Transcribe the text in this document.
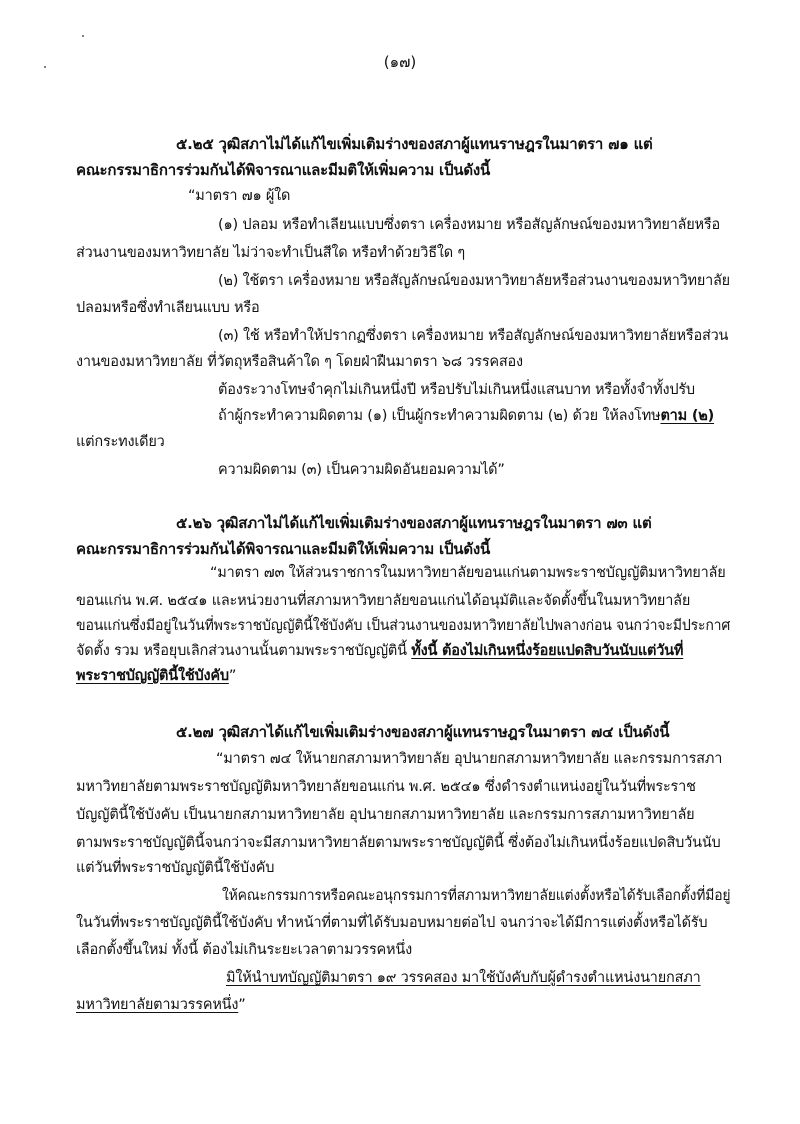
(๑๗)
๕.๒๕ วุฒิสภาไม่ได้แก้ไขเพิ่มเติมร่างของสภาผู้แทนราษฎรในมาตรา ๗๑ แต่
คณะกรรมาธิการร่วมกันได้พิจารณาและมีมติให้เพิ่มความ เป็นดังนี้
“มาตรา ๗๑ ผู้ใด
(๑) ปลอม หรือทำเลียนแบบซึ่งตรา เครื่องหมาย หรือสัญลักษณ์ของมหาวิทยาลัยหรือ
ส่วนงานของมหาวิทยาลัย ไม่ว่าจะทำเป็นสีใด หรือทำด้วยวิธีใด ๆ
(๒) ใช้ตรา เครื่องหมาย หรือสัญลักษณ์ของมหาวิทยาลัยหรือส่วนงานของมหาวิทยาลัย
ปลอมหรือซึ่งทำเลียนแบบ หรือ
(๓) ใช้ หรือทำให้ปรากฏซึ่งตรา เครื่องหมาย หรือสัญลักษณ์ของมหาวิทยาลัยหรือส่วน
งานของมหาวิทยาลัย ที่วัตถุหรือสินค้าใด ๆ โดยฝ่าฝืนมาตรา ๖๘ วรรคสอง
ต้องระวางโทษจำคุกไม่เกินหนึ่งปี หรือปรับไม่เกินหนึ่งแสนบาท หรือทั้งจำทั้งปรับ
ถ้าผู้กระทำความผิดตาม (๑) เป็นผู้กระทำความผิดตาม (๒) ด้วย ให้ลงโทษตาม (๒)
แต่กระทงเดียว
ความผิดตาม (๓) เป็นความผิดอันยอมความได้”
๕.๒๖ วุฒิสภาไม่ได้แก้ไขเพิ่มเติมร่างของสภาผู้แทนราษฎรในมาตรา ๗๓ แต่
คณะกรรมาธิการร่วมกันได้พิจารณาและมีมติให้เพิ่มความ เป็นดังนี้
“มาตรา ๗๓ ให้ส่วนราชการในมหาวิทยาลัยขอนแก่นตามพระราชบัญญัติมหาวิทยาลัย
ขอนแก่น พ.ศ. ๒๕๔๑ และหน่วยงานที่สภามหาวิทยาลัยขอนแก่นได้อนุมัติและจัดตั้งขึ้นในมหาวิทยาลัย
ขอนแก่นซึ่งมีอยู่ในวันที่พระราชบัญญัตินี้ใช้บังคับ เป็นส่วนงานของมหาวิทยาลัยไปพลางก่อน จนกว่าจะมีประกาศ
จัดตั้ง รวม หรือยุบเลิกส่วนงานนั้นตามพระราชบัญญัตินี้ ทั้งนี้ ต้องไม่เกินหนึ่งร้อยแปดสิบวันนับแต่วันที่
พระราชบัญญัตินี้ใช้บังคับ”
๕.๒๗ วุฒิสภาได้แก้ไขเพิ่มเติมร่างของสภาผู้แทนราษฎรในมาตรา ๗๔ เป็นดังนี้
“มาตรา ๗๔ ให้นายกสภามหาวิทยาลัย อุปนายกสภามหาวิทยาลัย และกรรมการสภา
มหาวิทยาลัยตามพระราชบัญญัติมหาวิทยาลัยขอนแก่น พ.ศ. ๒๕๔๑ ซึ่งดำรงตำแหน่งอยู่ในวันที่พระราช
บัญญัตินี้ใช้บังคับ เป็นนายกสภามหาวิทยาลัย อุปนายกสภามหาวิทยาลัย และกรรมการสภามหาวิทยาลัย
ตามพระราชบัญญัตินี้จนกว่าจะมีสภามหาวิทยาลัยตามพระราชบัญญัตินี้ ซึ่งต้องไม่เกินหนึ่งร้อยแปดสิบวันนับ
แต่วันที่พระราชบัญญัตินี้ใช้บังคับ
ให้คณะกรรมการหรือคณะอนุกรรมการที่สภามหาวิทยาลัยแต่งตั้งหรือได้รับเลือกตั้งที่มีอยู่
ในวันที่พระราชบัญญัตินี้ใช้บังคับ ทำหน้าที่ตามที่ได้รับมอบหมายต่อไป จนกว่าจะได้มีการแต่งตั้งหรือได้รับ
เลือกตั้งขึ้นใหม่ ทั้งนี้ ต้องไม่เกินระยะเวลาตามวรรคหนึ่ง
มิให้นำบทบัญญัติมาตรา ๑๙ วรรคสอง มาใช้บังคับกับผู้ดำรงตำแหน่งนายกสภา
มหาวิทยาลัยตามวรรคหนึ่ง”
